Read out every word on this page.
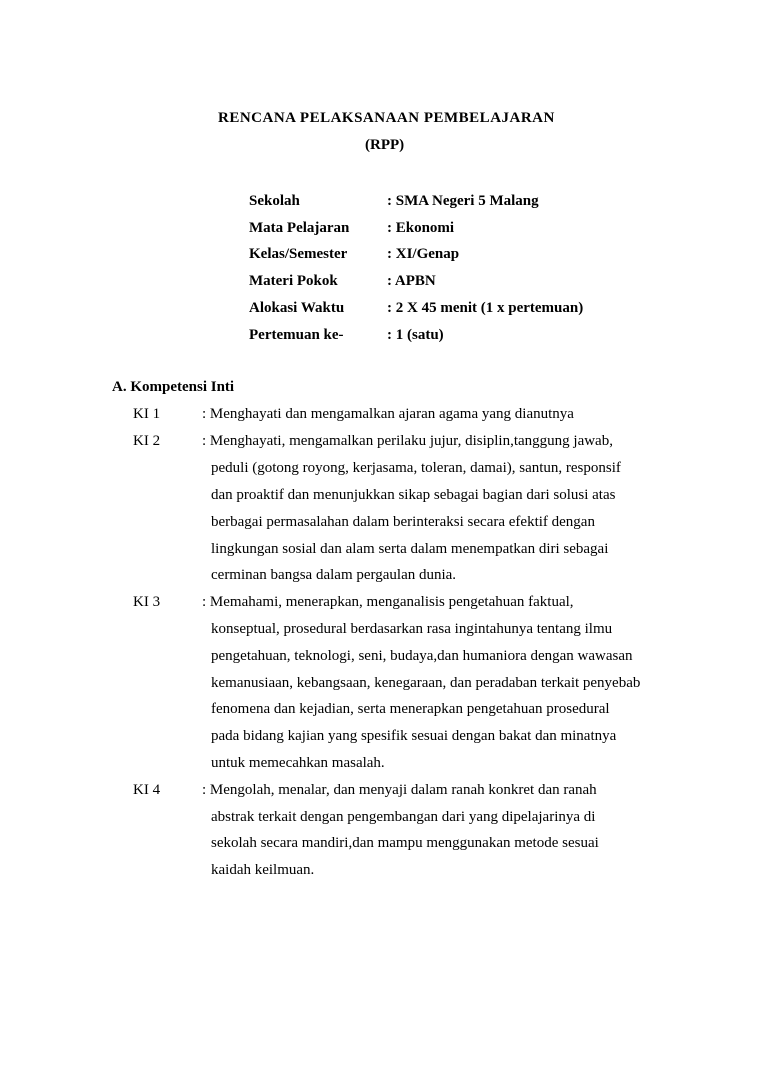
RENCANA PELAKSANAAN PEMBELAJARAN
(RPP)
Sekolah	: SMA Negeri 5 Malang
Mata Pelajaran	: Ekonomi
Kelas/Semester	: XI/Genap
Materi Pokok	: APBN
Alokasi Waktu	: 2 X 45 menit (1 x pertemuan)
Pertemuan ke-	: 1 (satu)
A. Kompetensi Inti
KI 1	: Menghayati dan mengamalkan ajaran agama yang dianutnya
KI 2	: Menghayati, mengamalkan perilaku jujur, disiplin,tanggung jawab,
peduli (gotong royong, kerjasama, toleran, damai), santun, responsif
dan proaktif dan menunjukkan sikap sebagai bagian dari solusi atas
berbagai permasalahan dalam berinteraksi secara efektif dengan
lingkungan sosial dan alam serta dalam menempatkan diri sebagai
cerminan bangsa dalam pergaulan dunia.
KI 3	: Memahami, menerapkan, menganalisis pengetahuan faktual,
konseptual, prosedural berdasarkan rasa ingintahunya tentang ilmu
pengetahuan, teknologi, seni, budaya,dan humaniora dengan wawasan
kemanusiaan, kebangsaan, kenegaraan, dan peradaban terkait penyebab
fenomena dan kejadian, serta menerapkan pengetahuan prosedural
pada bidang kajian yang spesifik sesuai dengan bakat dan minatnya
untuk memecahkan masalah.
KI 4	: Mengolah, menalar, dan menyaji dalam ranah konkret dan ranah
abstrak terkait dengan pengembangan dari yang dipelajarinya di
sekolah secara mandiri,dan mampu menggunakan metode sesuai
kaidah keilmuan.
